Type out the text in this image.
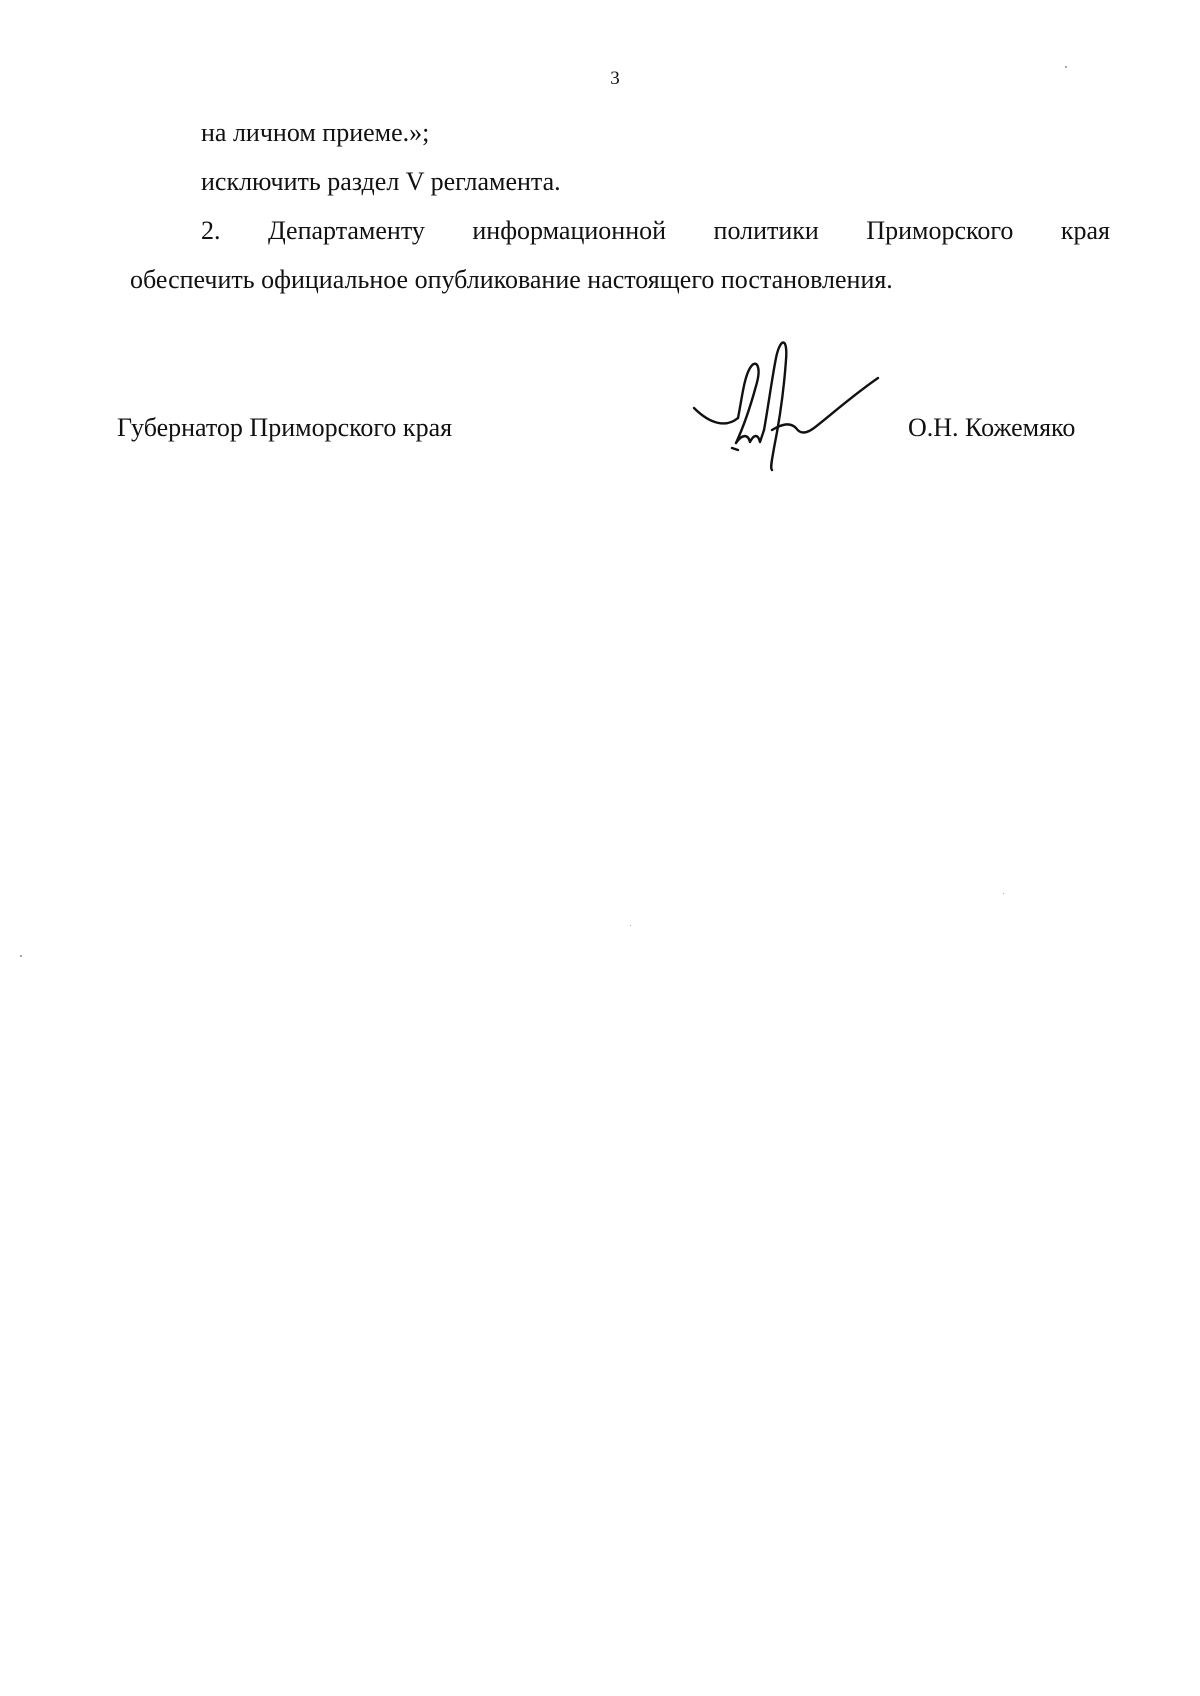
3
на личном приеме.»;
исключить раздел V регламента.
2. Департаменту информационной политики Приморского края
обеспечить официальное опубликование настоящего постановления.
Губернатор Приморского края	О.Н. Кожемяко
